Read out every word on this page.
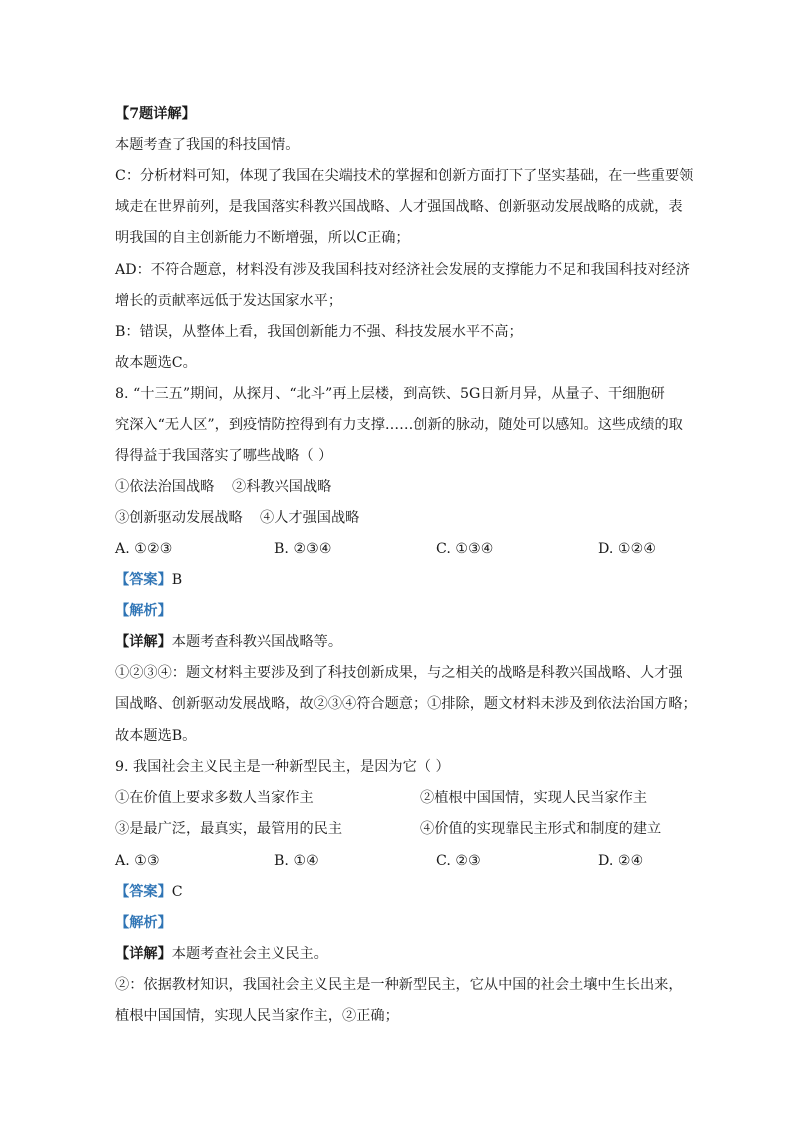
【7题详解】
本题考查了我国的科技国情。
C：分析材料可知，体现了我国在尖端技术的掌握和创新方面打下了坚实基础，在一些重要领
域走在世界前列，是我国落实科教兴国战略、人才强国战略、创新驱动发展战略的成就，表
明我国的自主创新能力不断增强，所以C正确；
AD：不符合题意，材料没有涉及我国科技对经济社会发展的支撑能力不足和我国科技对经济
增长的贡献率远低于发达国家水平；
B：错误，从整体上看，我国创新能力不强、科技发展水平不高；
故本题选C。
8. “十三五”期间，从探月、“北斗”再上层楼，到高铁、5G日新月异，从量子、干细胞研
究深入“无人区”，到疫情防控得到有力支撑……创新的脉动，随处可以感知。这些成绩的取
得得益于我国落实了哪些战略（ ）
①依法治国战略 ②科教兴国战略
③创新驱动发展战略 ④人才强国战略
A. ①②③	B. ②③④	C. ①③④	D. ①②④
【答案】B
【解析】
【详解】本题考查科教兴国战略等。
①②③④：题文材料主要涉及到了科技创新成果，与之相关的战略是科教兴国战略、人才强
国战略、创新驱动发展战略，故②③④符合题意；①排除，题文材料未涉及到依法治国方略；
故本题选B。
9. 我国社会主义民主是一种新型民主，是因为它（ ）
①在价值上要求多数人当家作主	②植根中国国情，实现人民当家作主
③是最广泛，最真实，最管用的民主	④价值的实现靠民主形式和制度的建立
A. ①③	B. ①④	C. ②③	D. ②④
【答案】C
【解析】
【详解】本题考查社会主义民主。
②：依据教材知识，我国社会主义民主是一种新型民主，它从中国的社会土壤中生长出来，
植根中国国情，实现人民当家作主，②正确；
